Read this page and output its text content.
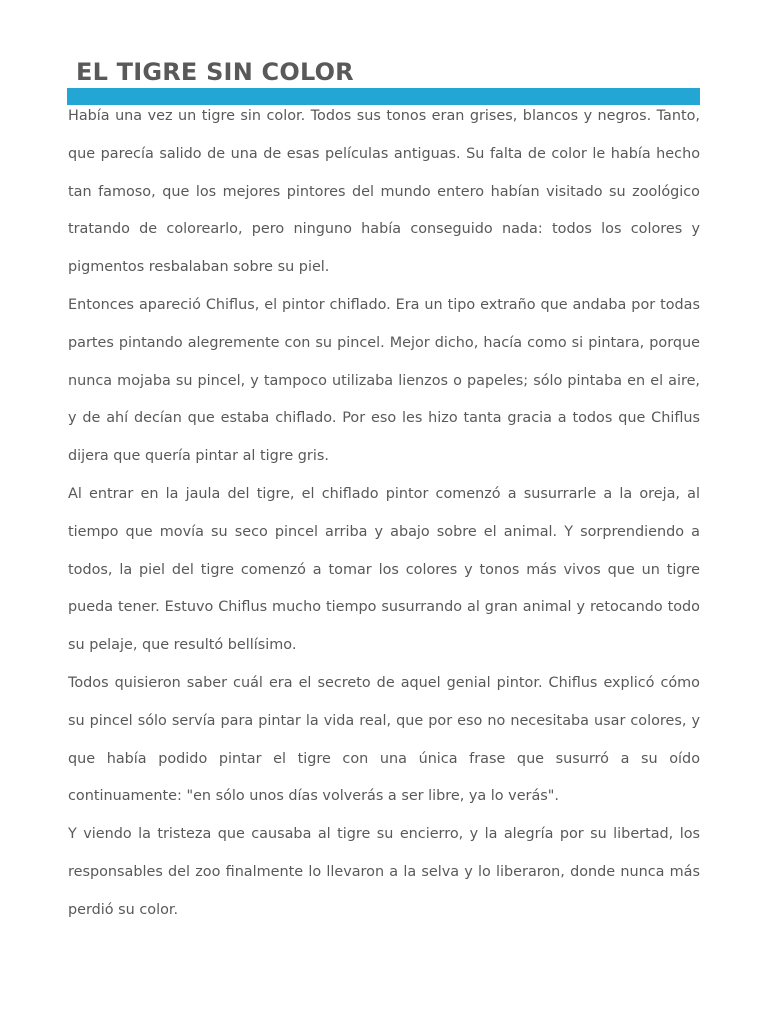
EL TIGRE SIN COLOR

Había una vez un tigre sin color. Todos sus tonos eran grises, blancos y negros. Tanto, que parecía salido de una de esas películas antiguas. Su falta de color le había hecho tan famoso, que los mejores pintores del mundo entero habían visitado su zoológico tratando de colorearlo, pero ninguno había conseguido nada: todos los colores y pigmentos resbalaban sobre su piel.

Entonces apareció Chiflus, el pintor chiflado. Era un tipo extraño que andaba por todas partes pintando alegremente con su pincel. Mejor dicho, hacía como si pintara, porque nunca mojaba su pincel, y tampoco utilizaba lienzos o papeles; sólo pintaba en el aire, y de ahí decían que estaba chiflado. Por eso les hizo tanta gracia a todos que Chiflus dijera que quería pintar al tigre gris.

Al entrar en la jaula del tigre, el chiflado pintor comenzó a susurrarle a la oreja, al tiempo que movía su seco pincel arriba y abajo sobre el animal. Y sorprendiendo a todos, la piel del tigre comenzó a tomar los colores y tonos más vivos que un tigre pueda tener. Estuvo Chiflus mucho tiempo susurrando al gran animal y retocando todo su pelaje, que resultó bellísimo.

Todos quisieron saber cuál era el secreto de aquel genial pintor. Chiflus explicó cómo su pincel sólo servía para pintar la vida real, que por eso no necesitaba usar colores, y que había podido pintar el tigre con una única frase que susurró a su oído continuamente: "en sólo unos días volverás a ser libre, ya lo verás".

Y viendo la tristeza que causaba al tigre su encierro, y la alegría por su libertad, los responsables del zoo finalmente lo llevaron a la selva y lo liberaron, donde nunca más perdió su color.
